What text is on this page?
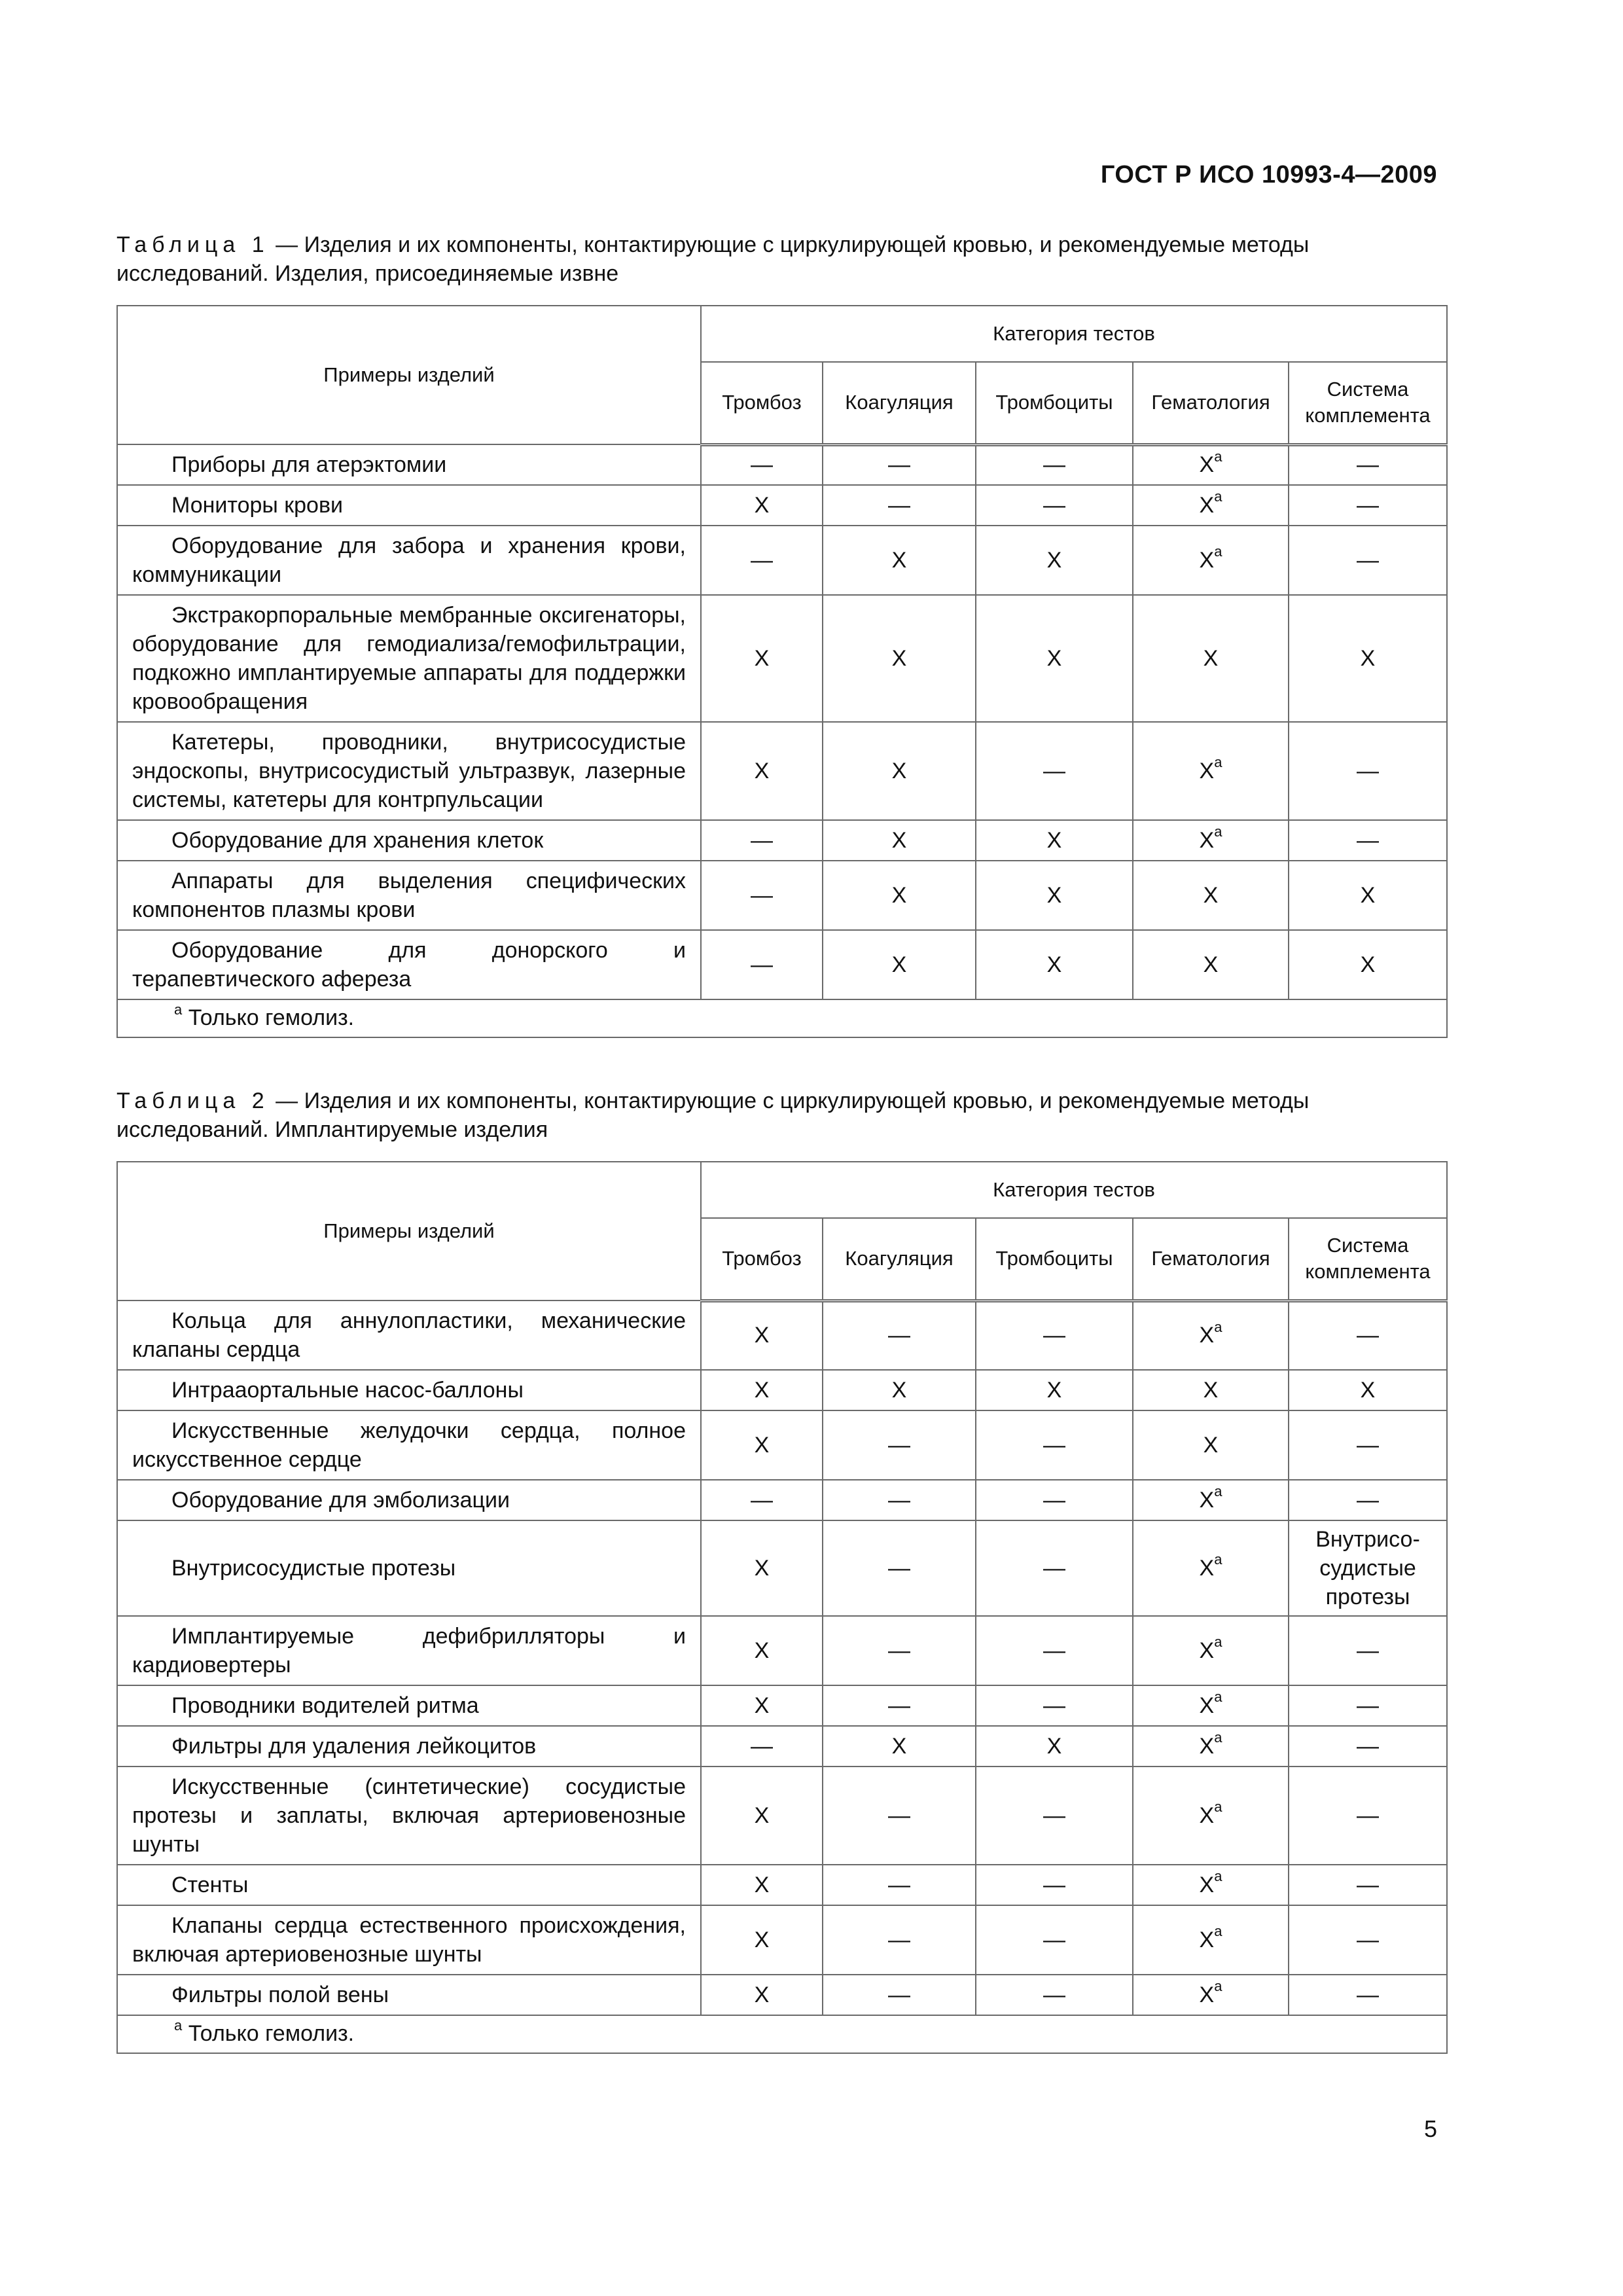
ГОСТ Р ИСО 10993-4—2009
Таблица 1 — Изделия и их компоненты, контактирующие с циркулирующей кровью, и рекомендуемые методы исследований. Изделия, присоединяемые извне
Примеры изделий	Категория тестов				
	Тромбоз	Коагуляция	Тромбоциты	Гематология	Система комплемента
Приборы для атерэктомии	—	—	—	$X^a$	—
Мониторы крови	X	—	—	$X^a$	—
Оборудование для забора и хранения крови, коммуникации	—	X	X	$X^a$	—
Экстракорпоральные мембранные оксигенаторы, оборудование для гемодиализа/гемофильтрации, подкожно имплантируемые аппараты для поддержки кровообращения	X	X	X	X	X
Катетеры, проводники, внутрисосудистые эндоскопы, внутрисосудистый ультразвук, лазерные системы, катетеры для контрпульсации	X	X	—	$X^a$	—
Оборудование для хранения клеток	—	X	X	$X^a$	—
Аппараты для выделения специфических компонентов плазмы крови	—	X	X	X	X
Оборудование для донорского и терапевтического афереза	—	X	X	X	X
$^a$ Только гемолиз.					
Таблица 2 — Изделия и их компоненты, контактирующие с циркулирующей кровью, и рекомендуемые методы исследований. Имплантируемые изделия
Примеры изделий	Категория тестов				
	Тромбоз	Коагуляция	Тромбоциты	Гематология	Система комплемента
Кольца для аннулопластики, механические клапаны сердца	X	—	—	$X^a$	—
Интрааортальные насос-баллоны	X	X	X	X	X
Искусственные желудочки сердца, полное искусственное сердце	X	—	—	X	—
Оборудование для эмболизации	—	—	—	$X^a$	—
Внутрисосудистые протезы	X	—	—	$X^a$	Внутрисо-судистые протезы
Имплантируемые дефибрилляторы и кардиовертеры	X	—	—	$X^a$	—
Проводники водителей ритма	X	—	—	$X^a$	—
Фильтры для удаления лейкоцитов	—	X	X	$X^a$	—
Искусственные (синтетические) сосудистые протезы и заплаты, включая артериовенозные шунты	X	—	—	$X^a$	—
Стенты	X	—	—	$X^a$	—
Клапаны сердца естественного происхождения, включая артериовенозные шунты	X	—	—	$X^a$	—
Фильтры полой вены	X	—	—	$X^a$	—
$^a$ Только гемолиз.					
5
